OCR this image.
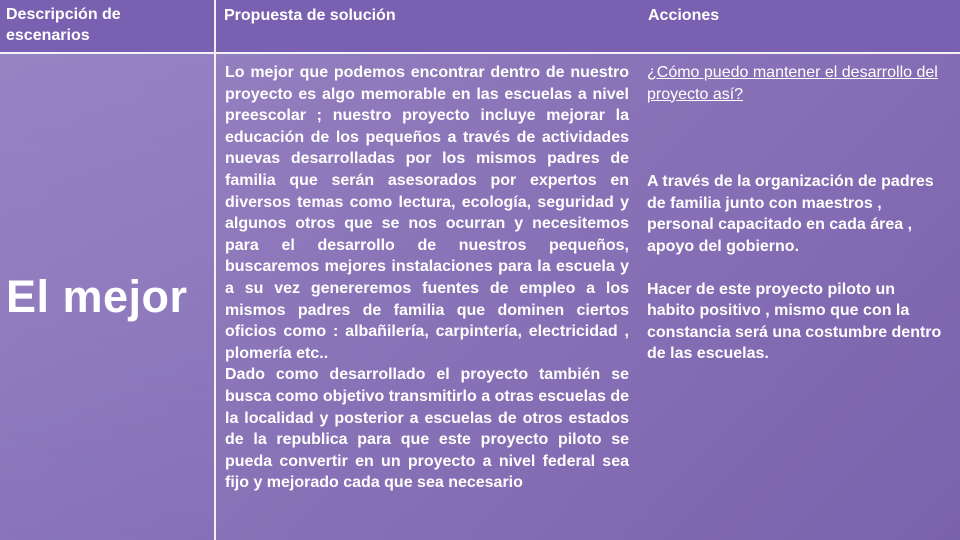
Descripción de escenarios
Propuesta de solución	Acciones
El mejor
Lo mejor que podemos encontrar dentro de nuestro proyecto es algo memorable en las escuelas a nivel preescolar ; nuestro proyecto incluye mejorar la educación de los pequeños a través de actividades nuevas desarrolladas por los mismos padres de familia que serán asesorados por expertos en diversos temas como lectura, ecología, seguridad y algunos otros que se nos ocurran y necesitemos para el desarrollo de nuestros pequeños, buscaremos mejores instalaciones para la escuela y a su vez genereremos fuentes de empleo a los mismos padres de familia que dominen ciertos oficios como : albañilería, carpintería, electricidad , plomería etc..
Dado como desarrollado el proyecto también se busca como objetivo transmitirlo a otras escuelas de la localidad y posterior a escuelas de otros estados de la republica para que este proyecto piloto se pueda convertir en un proyecto a nivel federal sea fijo y mejorado cada que sea necesario
¿Cómo puedo mantener el desarrollo del proyecto así?
A través de la organización de padres de familia junto con maestros , personal capacitado en cada área , apoyo del gobierno.
Hacer de este proyecto piloto un habito positivo , mismo que con la constancia será una costumbre dentro de las escuelas.
